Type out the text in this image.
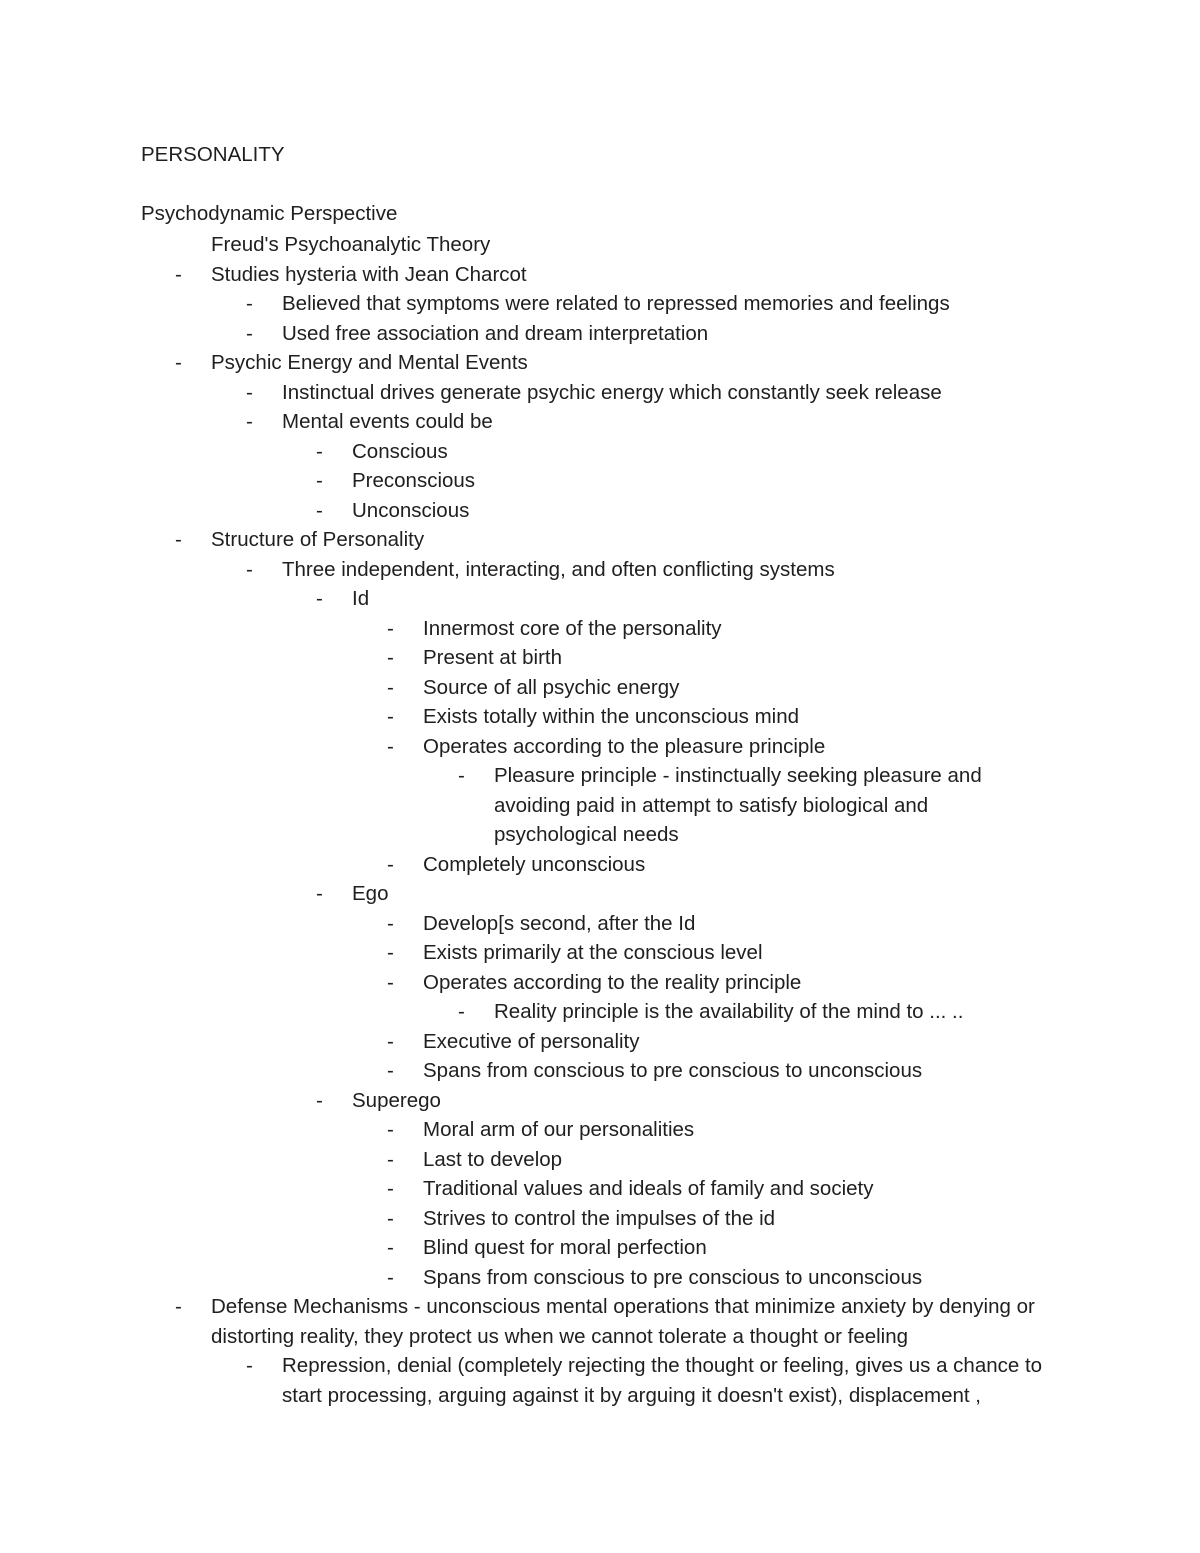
PERSONALITY
Psychodynamic Perspective
Freud's Psychoanalytic Theory
-	Studies hysteria with Jean Charcot
-	Believed that symptoms were related to repressed memories and feelings
-	Used free association and dream interpretation
-	Psychic Energy and Mental Events
-	Instinctual drives generate psychic energy which constantly seek release
-	Mental events could be
-	Conscious
-	Preconscious
-	Unconscious
-	Structure of Personality
-	Three independent, interacting, and often conflicting systems
-	Id
-	Innermost core of the personality
-	Present at birth
-	Source of all psychic energy
-	Exists totally within the unconscious mind
-	Operates according to the pleasure principle
-	Pleasure principle - instinctually seeking pleasure and avoiding paid in attempt to satisfy biological and psychological needs
-	Completely unconscious
-	Ego
-	Develop[s second, after the Id
-	Exists primarily at the conscious level
-	Operates according to the reality principle
-	Reality principle is the availability of the mind to ... ..
-	Executive of personality
-	Spans from conscious to pre conscious to unconscious
-	Superego
-	Moral arm of our personalities
-	Last to develop
-	Traditional values and ideals of family and society
-	Strives to control the impulses of the id
-	Blind quest for moral perfection
-	Spans from conscious to pre conscious to unconscious
-	Defense Mechanisms - unconscious mental operations that minimize anxiety by denying or distorting reality, they protect us when we cannot tolerate a thought or feeling
-	Repression, denial (completely rejecting the thought or feeling, gives us a chance to start processing, arguing against it by arguing it doesn't exist), displacement ,
